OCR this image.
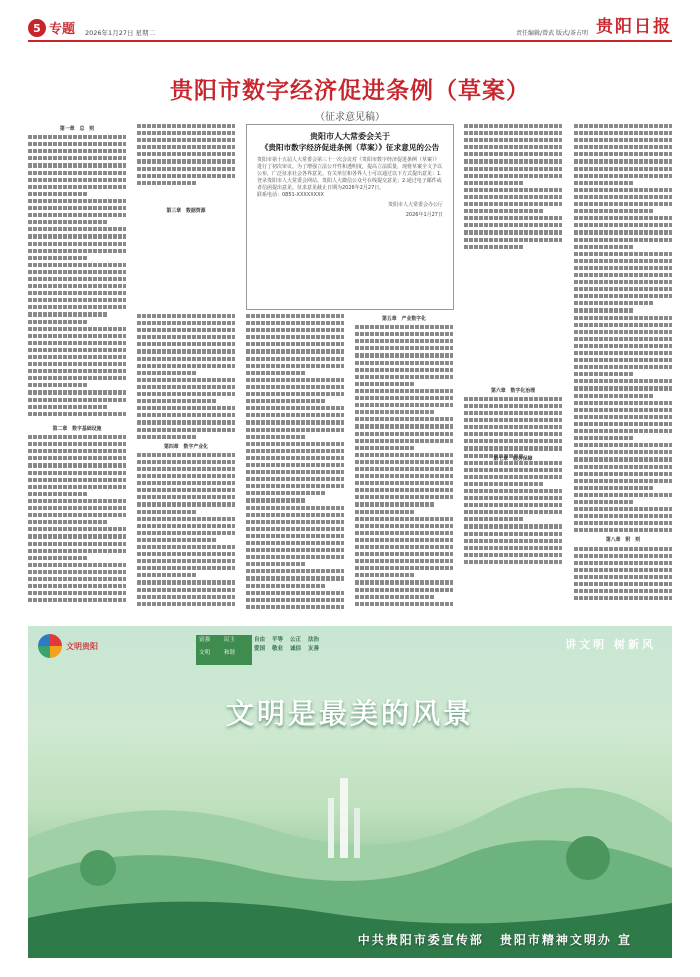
5 专题 2026年1月27日 星期二	责任编辑/曾武 版式/茶占明 贵阳日报
贵阳市数字经济促进条例（草案）
（征求意见稿）
第一章　总　则
第四章　数字产业化
第五章　产业数字化
第六章　数字化治理
第八章　附　则
第二章　数字基础设施
第三章　数据资源
第七章　服务保障
贵阳市人大常委会关于
《贵阳市数字经济促进条例（草案）》征求意见的公告
贵阳市第十五届人大常委会第三十一次会议对《贵阳市数字经济促进条例（草案）》进行了初次审议。为了增强立法公开性和透明度，提高立法质量，现将草案全文予以公布，广泛征求社会各界意见。有关单位和各界人士可以通过以下方式提出意见：1.登录贵阳市人大常委会网站、贵阳人大微信公众号在线提交意见；2.通过电子邮件或者信函提出意见。征求意见截止日期为2026年2月27日。
联系电话：0851-XXXXXXXX
贵阳市人大常委会办公厅
2026年1月27日
文明贵阳
富强	民主
文明	和谐
自由	平等	公正	法治
爱国	敬业	诚信	友善	讲文明 树新风
文明是最美的风景
中共贵阳市委宣传部 贵阳市精神文明办 宣
